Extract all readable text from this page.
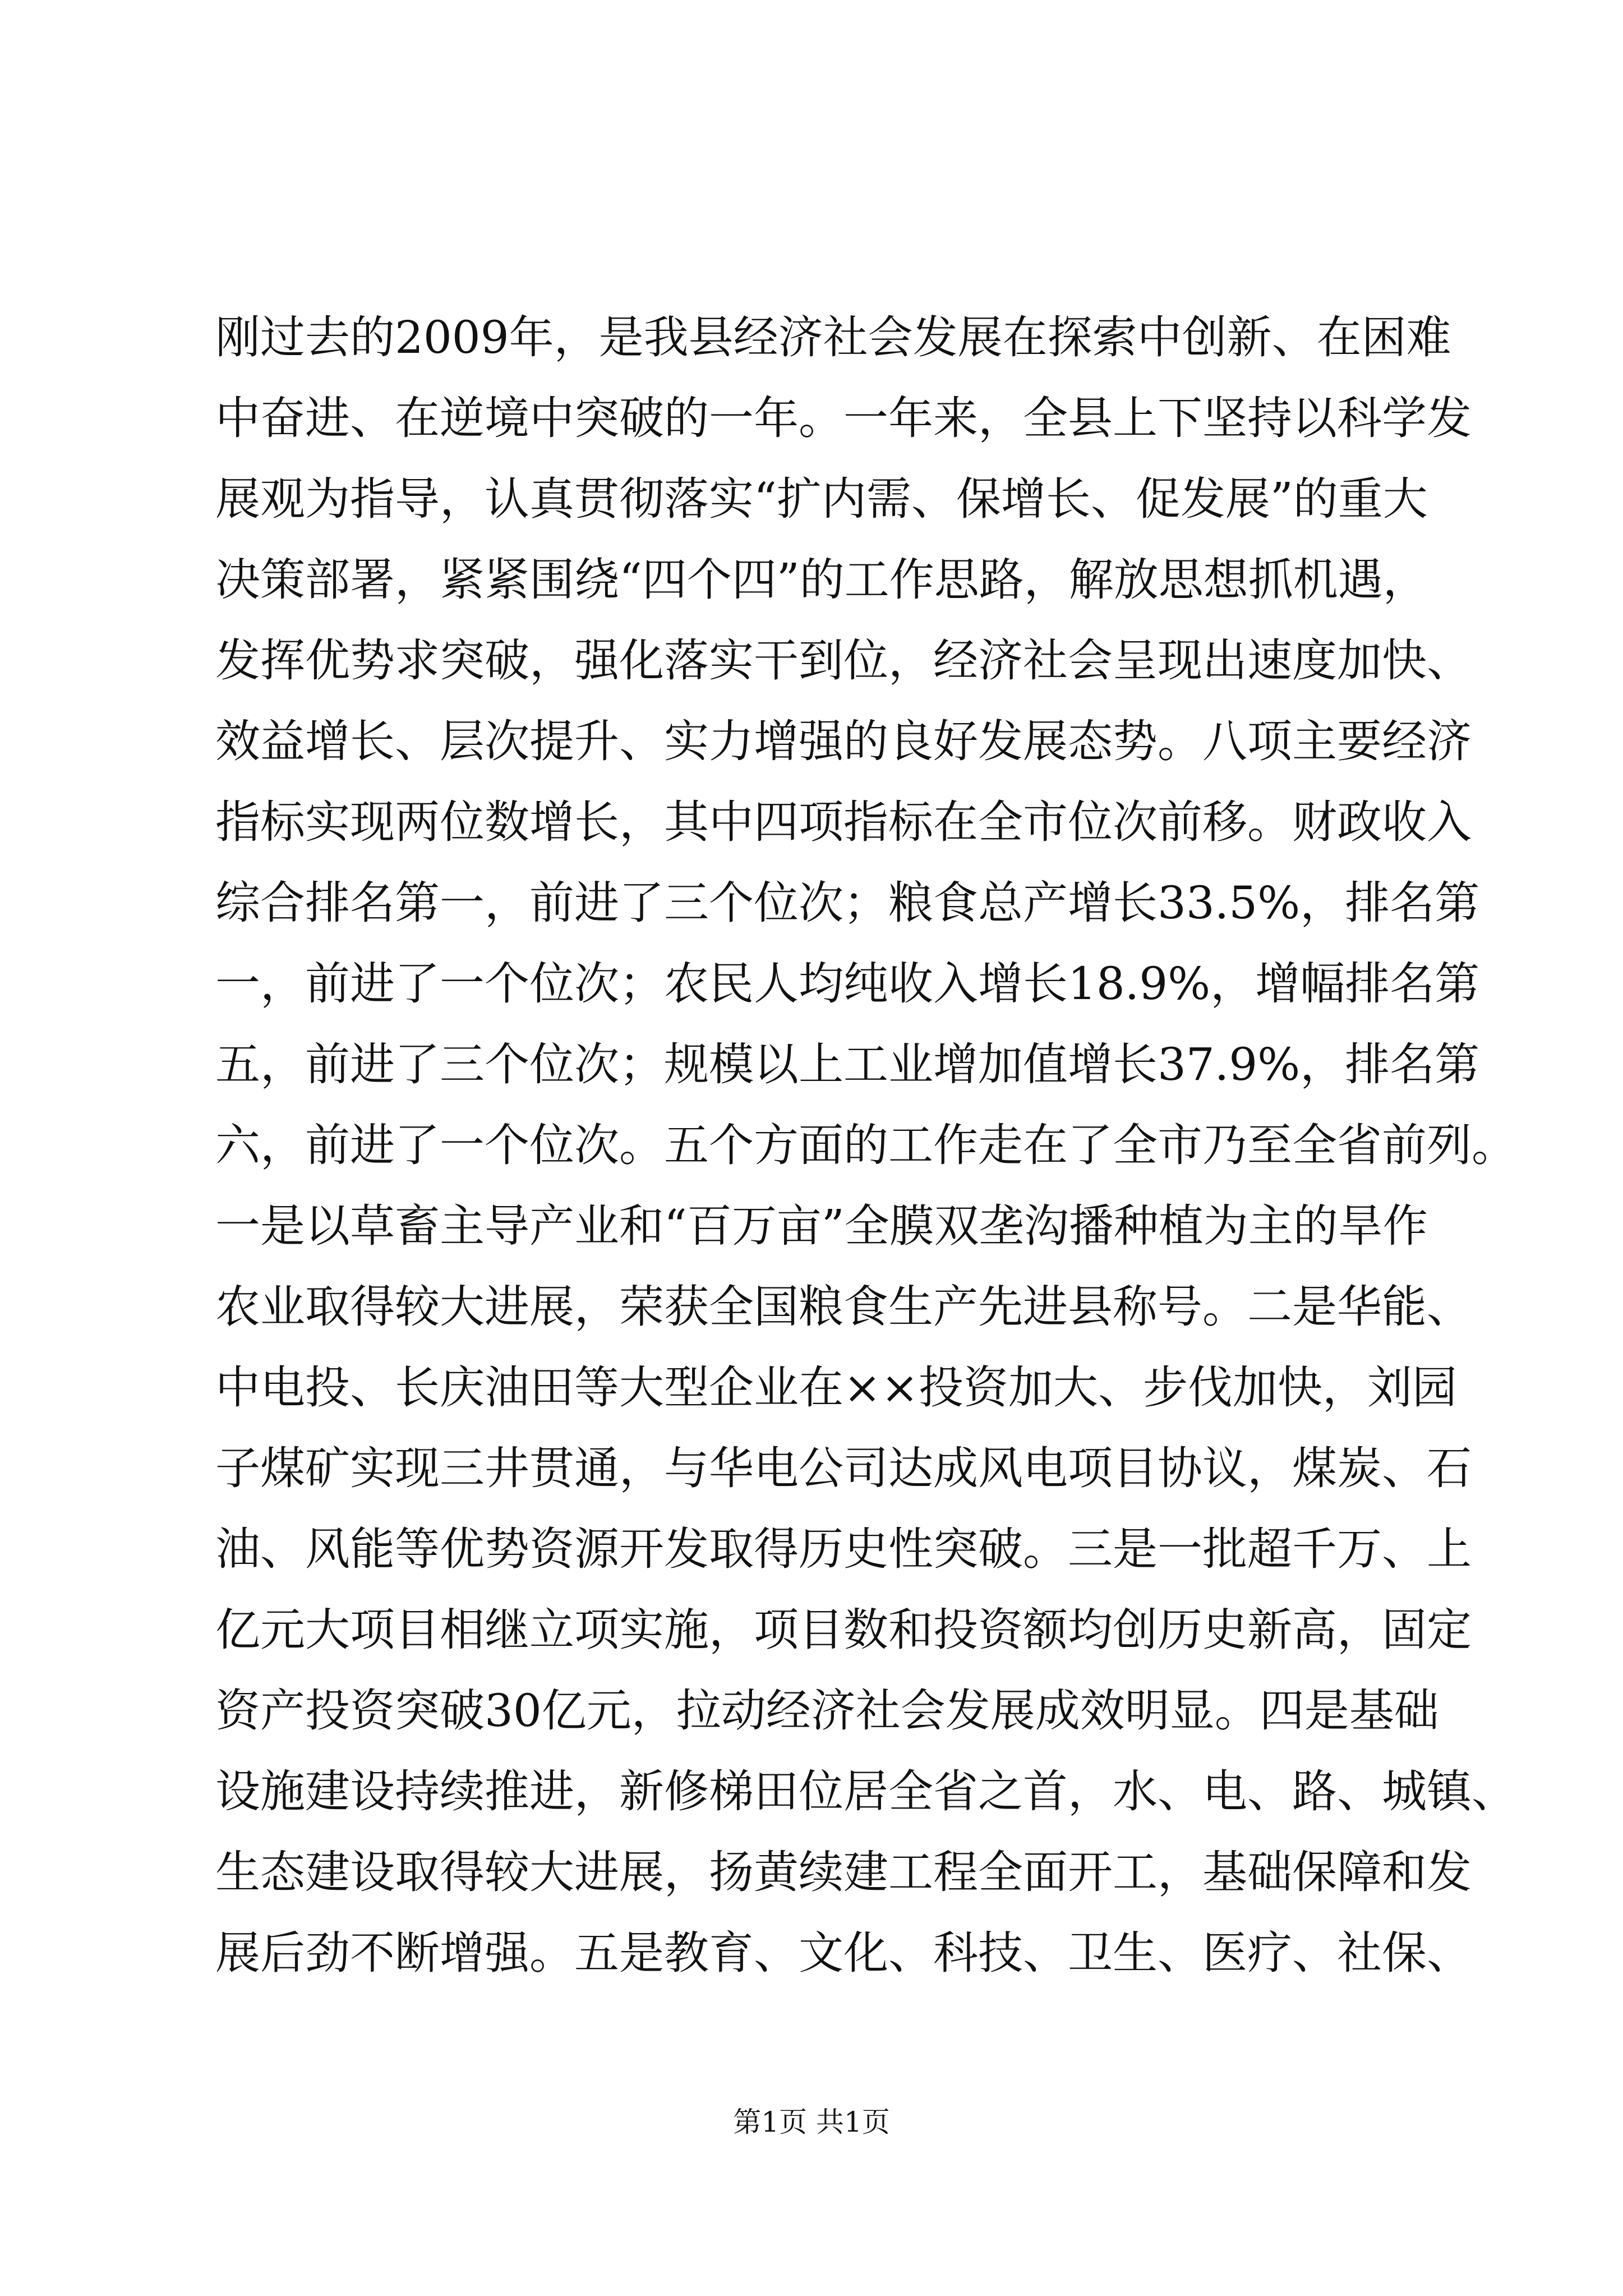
刚过去的2009年，是我县经济社会发展在探索中创新、在困难
中奋进、在逆境中突破的一年。一年来，全县上下坚持以科学发
展观为指导，认真贯彻落实“扩内需、保增长、促发展”的重大
决策部署，紧紧围绕“四个四”的工作思路，解放思想抓机遇，
发挥优势求突破，强化落实干到位，经济社会呈现出速度加快、
效益增长、层次提升、实力增强的良好发展态势。八项主要经济
指标实现两位数增长，其中四项指标在全市位次前移。财政收入
综合排名第一，前进了三个位次；粮食总产增长33.5%，排名第
一，前进了一个位次；农民人均纯收入增长18.9%，增幅排名第
五，前进了三个位次；规模以上工业增加值增长37.9%，排名第
六，前进了一个位次。五个方面的工作走在了全市乃至全省前列。
一是以草畜主导产业和“百万亩”全膜双垄沟播种植为主的旱作
农业取得较大进展，荣获全国粮食生产先进县称号。二是华能、
中电投、长庆油田等大型企业在××投资加大、步伐加快，刘园
子煤矿实现三井贯通，与华电公司达成风电项目协议，煤炭、石
油、风能等优势资源开发取得历史性突破。三是一批超千万、上
亿元大项目相继立项实施，项目数和投资额均创历史新高，固定
资产投资突破30亿元，拉动经济社会发展成效明显。四是基础
设施建设持续推进，新修梯田位居全省之首，水、电、路、城镇、
生态建设取得较大进展，扬黄续建工程全面开工，基础保障和发
展后劲不断增强。五是教育、文化、科技、卫生、医疗、社保、
第1页 共1页
